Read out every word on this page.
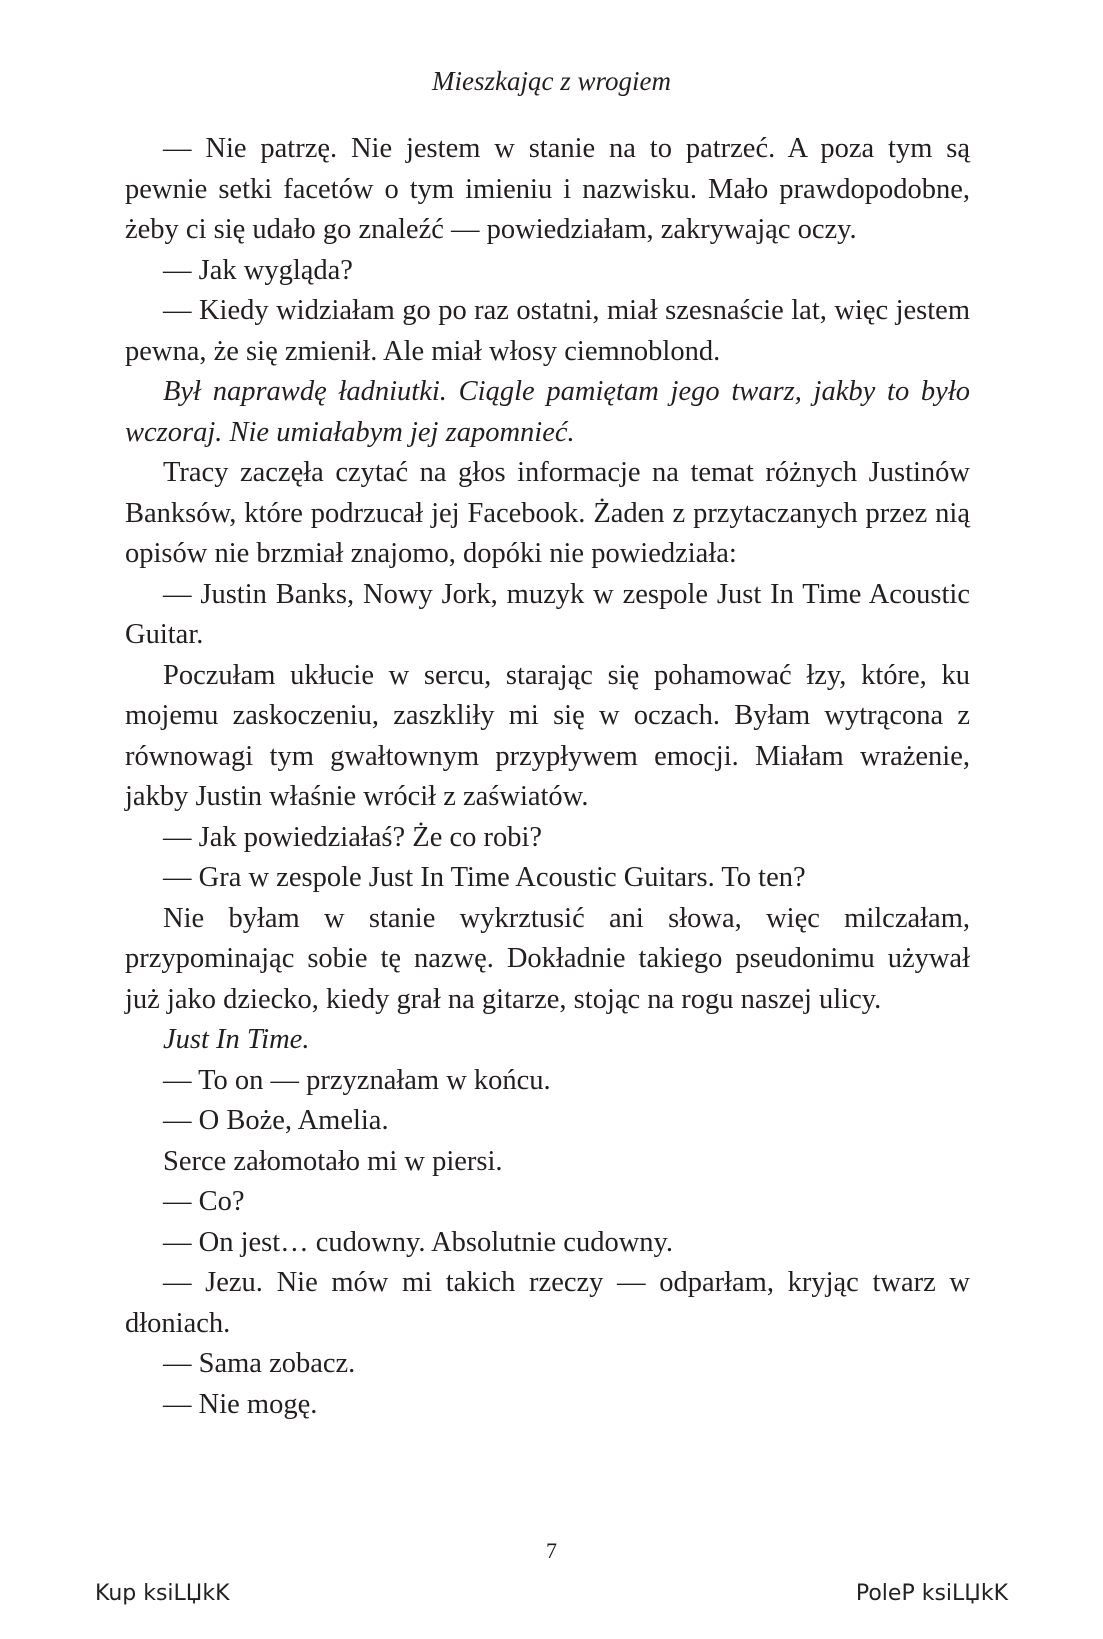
Mieszkając z wrogiem

— Nie patrzę. Nie jestem w stanie na to patrzeć. A poza tym są pewnie setki facetów o tym imieniu i nazwisku. Mało prawdopodobne, żeby ci się udało go znaleźć — powiedziałam, zakrywając oczy.

— Jak wygląda?

— Kiedy widziałam go po raz ostatni, miał szesnaście lat, więc jestem pewna, że się zmienił. Ale miał włosy ciemnoblond.

Był naprawdę ładniutki. Ciągle pamiętam jego twarz, jakby to było wczoraj. Nie umiałabym jej zapomnieć.

Tracy zaczęła czytać na głos informacje na temat różnych Justinów Banksów, które podrzucał jej Facebook. Żaden z przytaczanych przez nią opisów nie brzmiał znajomo, dopóki nie powiedziała:

— Justin Banks, Nowy Jork, muzyk w zespole Just In Time Acoustic Guitar.

Poczułam ukłucie w sercu, starając się pohamować łzy, które, ku mojemu zaskoczeniu, zaszkliły mi się w oczach. Byłam wytrącona z równowagi tym gwałtownym przypływem emocji. Miałam wrażenie, jakby Justin właśnie wrócił z zaświatów.

— Jak powiedziałaś? Że co robi?

— Gra w zespole Just In Time Acoustic Guitars. To ten?

Nie byłam w stanie wykrztusić ani słowa, więc milczałam, przypominając sobie tę nazwę. Dokładnie takiego pseudonimu używał już jako dziecko, kiedy grał na gitarze, stojąc na rogu naszej ulicy.

Just In Time.

— To on — przyznałam w końcu.

— O Boże, Amelia.

Serce załomotało mi w piersi.

— Co?

— On jest… cudowny. Absolutnie cudowny.

— Jezu. Nie mów mi takich rzeczy — odparłam, kryjąc twarz w dłoniach.

— Sama zobacz.

— Nie mogę.

7
Kup ksiLЏkK	PoleP ksiLЏkK
